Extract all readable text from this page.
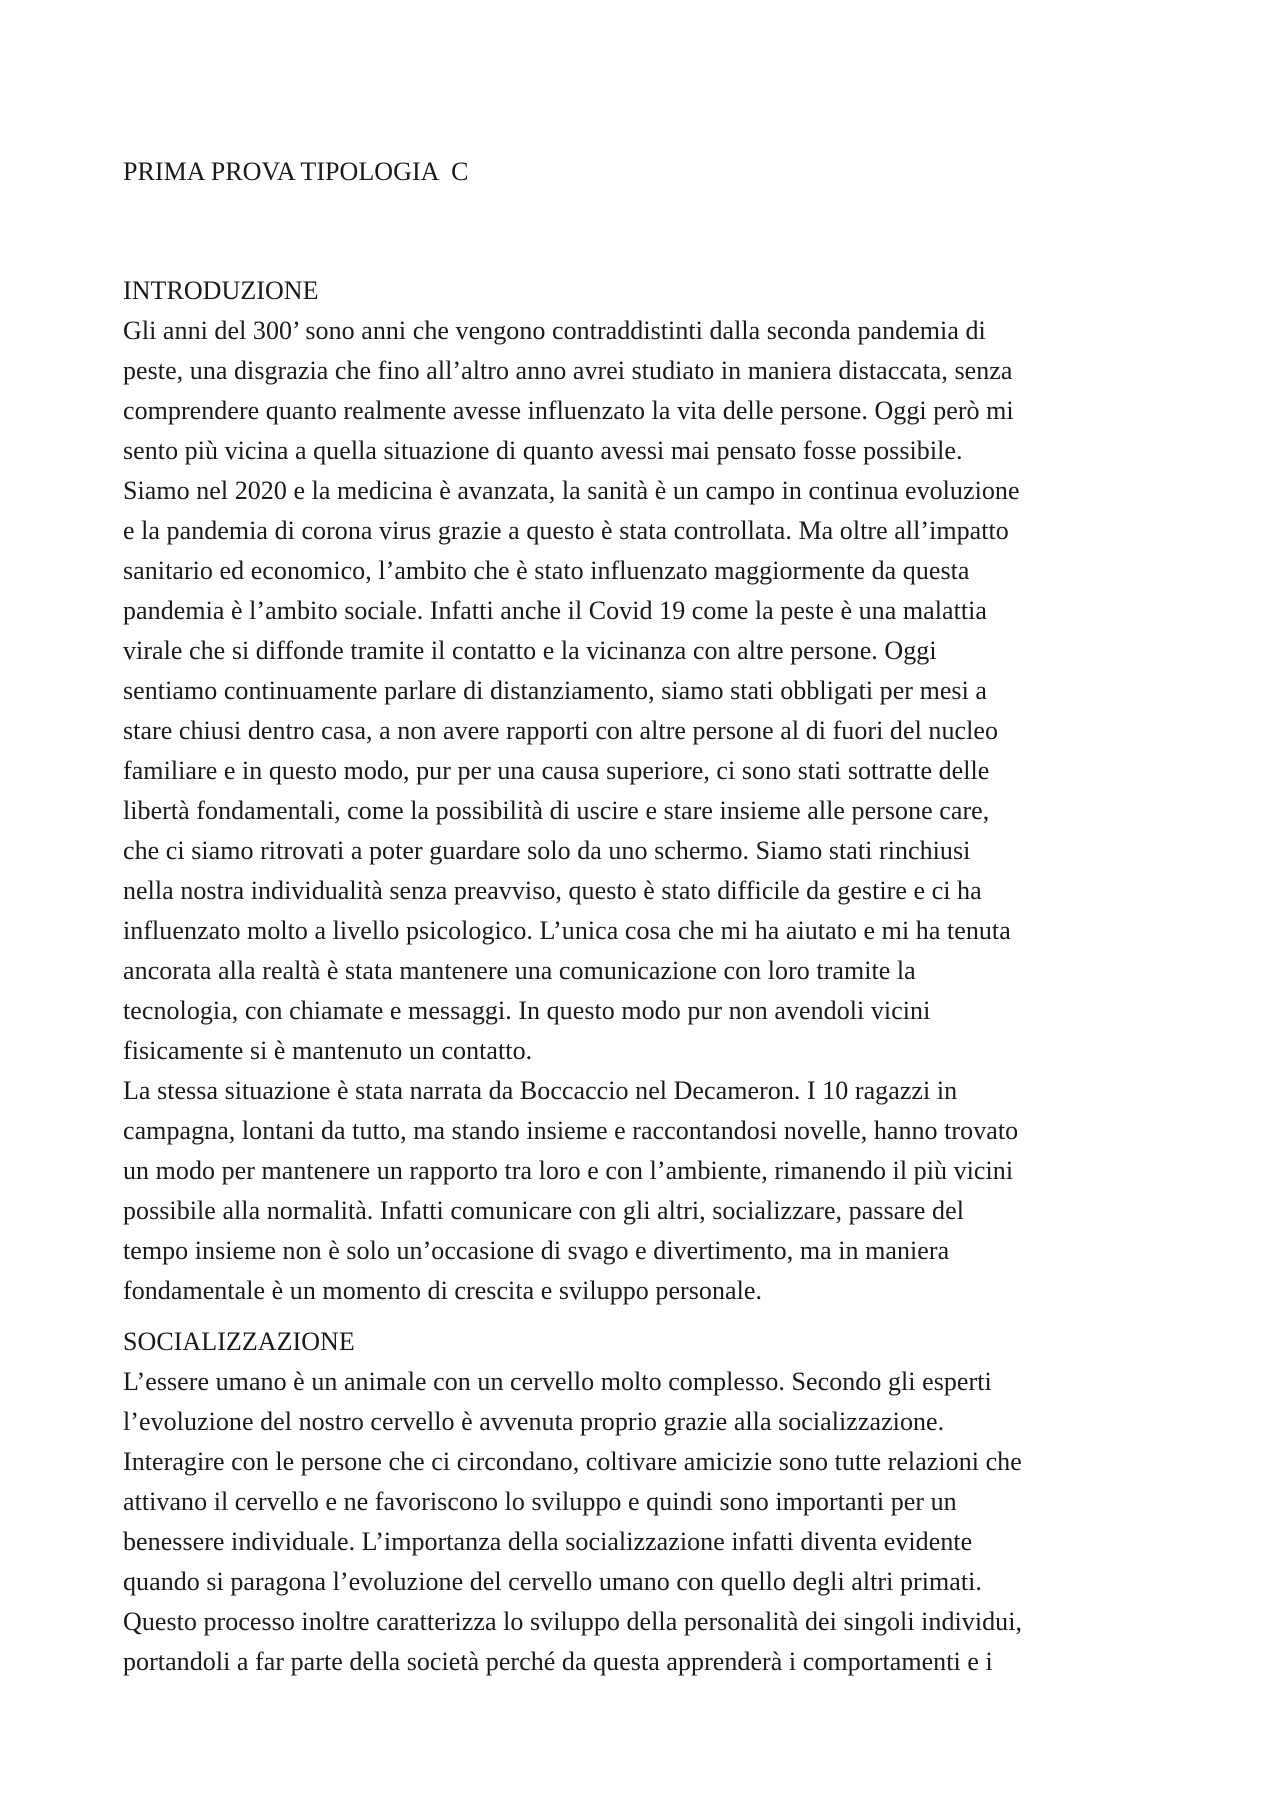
PRIMA PROVA TIPOLOGIA  C
INTRODUZIONE
Gli anni del 300’ sono anni che vengono contraddistinti dalla seconda pandemia di
peste, una disgrazia che fino all’altro anno avrei studiato in maniera distaccata, senza
comprendere quanto realmente avesse influenzato la vita delle persone. Oggi però mi
sento più vicina a quella situazione di quanto avessi mai pensato fosse possibile.
Siamo nel 2020 e la medicina è avanzata, la sanità è un campo in continua evoluzione
e la pandemia di corona virus grazie a questo è stata controllata. Ma oltre all’impatto
sanitario ed economico, l’ambito che è stato influenzato maggiormente da questa
pandemia è l’ambito sociale. Infatti anche il Covid 19 come la peste è una malattia
virale che si diffonde tramite il contatto e la vicinanza con altre persone. Oggi
sentiamo continuamente parlare di distanziamento, siamo stati obbligati per mesi a
stare chiusi dentro casa, a non avere rapporti con altre persone al di fuori del nucleo
familiare e in questo modo, pur per una causa superiore, ci sono stati sottratte delle
libertà fondamentali, come la possibilità di uscire e stare insieme alle persone care,
che ci siamo ritrovati a poter guardare solo da uno schermo. Siamo stati rinchiusi
nella nostra individualità senza preavviso, questo è stato difficile da gestire e ci ha
influenzato molto a livello psicologico. L’unica cosa che mi ha aiutato e mi ha tenuta
ancorata alla realtà è stata mantenere una comunicazione con loro tramite la
tecnologia, con chiamate e messaggi. In questo modo pur non avendoli vicini
fisicamente si è mantenuto un contatto.
La stessa situazione è stata narrata da Boccaccio nel Decameron. I 10 ragazzi in
campagna, lontani da tutto, ma stando insieme e raccontandosi novelle, hanno trovato
un modo per mantenere un rapporto tra loro e con l’ambiente, rimanendo il più vicini
possibile alla normalità. Infatti comunicare con gli altri, socializzare, passare del
tempo insieme non è solo un’occasione di svago e divertimento, ma in maniera
fondamentale è un momento di crescita e sviluppo personale.
SOCIALIZZAZIONE
L’essere umano è un animale con un cervello molto complesso. Secondo gli esperti
l’evoluzione del nostro cervello è avvenuta proprio grazie alla socializzazione.
Interagire con le persone che ci circondano, coltivare amicizie sono tutte relazioni che
attivano il cervello e ne favoriscono lo sviluppo e quindi sono importanti per un
benessere individuale. L’importanza della socializzazione infatti diventa evidente
quando si paragona l’evoluzione del cervello umano con quello degli altri primati.
Questo processo inoltre caratterizza lo sviluppo della personalità dei singoli individui,
portandoli a far parte della società perché da questa apprenderà i comportamenti e i
